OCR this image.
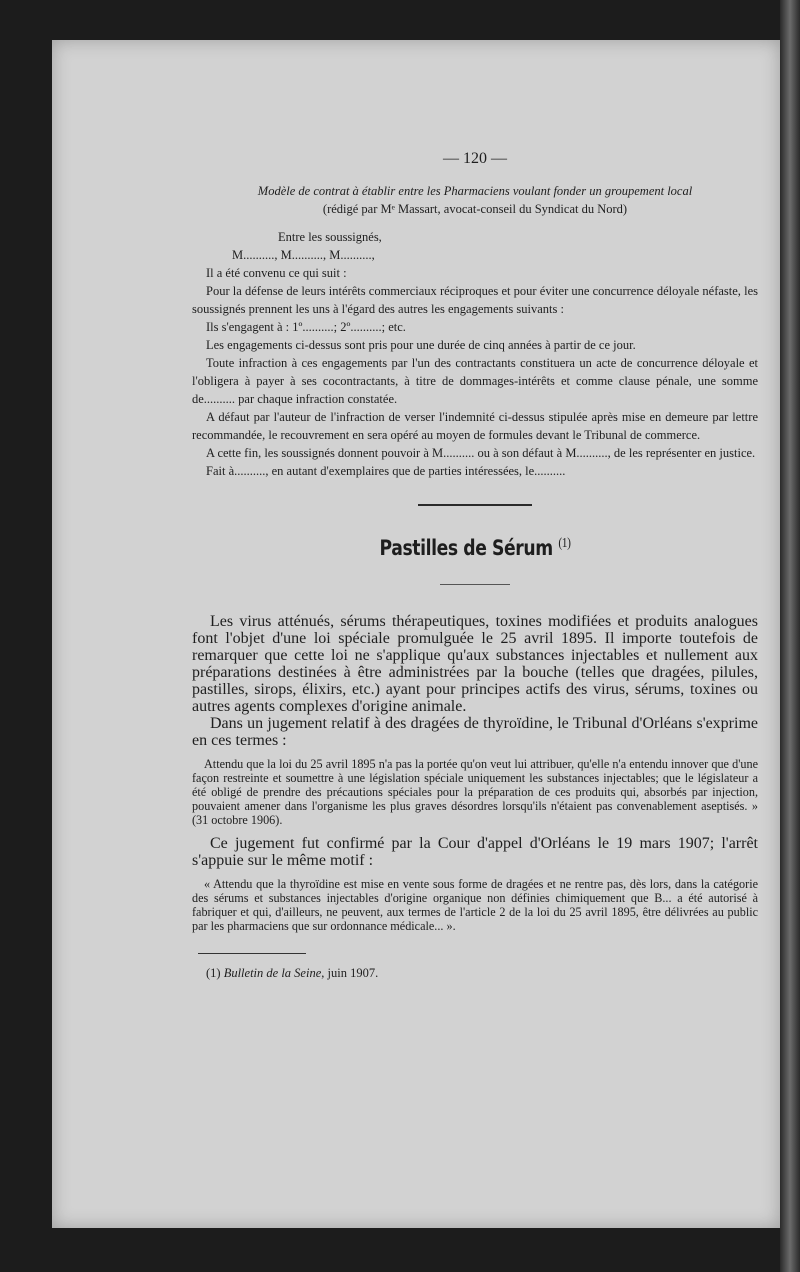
— 120 —

Modèle de contrat à établir entre les Pharmaciens voulant fonder un groupement local

(rédigé par Mᵉ Massart, avocat-conseil du Syndicat du Nord)

Entre les soussignés,

M.........., M.........., M..........,

Il a été convenu ce qui suit :

Pour la défense de leurs intérêts commerciaux réciproques et pour éviter une concurrence déloyale néfaste, les soussignés prennent les uns à l'égard des autres les engagements suivants :

Ils s'engagent à : 1º..........; 2º..........; etc.

Les engagements ci-dessus sont pris pour une durée de cinq années à partir de ce jour.

Toute infraction à ces engagements par l'un des contractants constituera un acte de concurrence déloyale et l'obligera à payer à ses cocontractants, à titre de dommages-intérêts et comme clause pénale, une somme de.......... par chaque infraction constatée.

A défaut par l'auteur de l'infraction de verser l'indemnité ci-dessus stipulée après mise en demeure par lettre recommandée, le recouvrement en sera opéré au moyen de formules devant le Tribunal de commerce.

A cette fin, les soussignés donnent pouvoir à M.......... ou à son défaut à M.........., de les représenter en justice.

Fait à.........., en autant d'exemplaires que de parties intéressées, le..........

Pastilles de Sérum $^{(1)}$

Les virus atténués, sérums thérapeutiques, toxines modifiées et produits analogues font l'objet d'une loi spéciale promulguée le 25 avril 1895. Il importe toutefois de remarquer que cette loi ne s'applique qu'aux substances injectables et nullement aux préparations destinées à être administrées par la bouche (telles que dragées, pilules, pastilles, sirops, élixirs, etc.) ayant pour principes actifs des virus, sérums, toxines ou autres agents complexes d'origine animale.

Dans un jugement relatif à des dragées de thyroïdine, le Tribunal d'Orléans s'exprime en ces termes :

Attendu que la loi du 25 avril 1895 n'a pas la portée qu'on veut lui attribuer, qu'elle n'a entendu innover que d'une façon restreinte et soumettre à une législation spéciale uniquement les substances injectables; que le législateur a été obligé de prendre des précautions spéciales pour la préparation de ces produits qui, absorbés par injection, pouvaient amener dans l'organisme les plus graves désordres lorsqu'ils n'étaient pas convenablement aseptisés. » (31 octobre 1906).

Ce jugement fut confirmé par la Cour d'appel d'Orléans le 19 mars 1907; l'arrêt s'appuie sur le même motif :

« Attendu que la thyroïdine est mise en vente sous forme de dragées et ne rentre pas, dès lors, dans la catégorie des sérums et substances injectables d'origine organique non définies chimiquement que B... a été autorisé à fabriquer et qui, d'ailleurs, ne peuvent, aux termes de l'article 2 de la loi du 25 avril 1895, être délivrées au public par les pharmaciens que sur ordonnance médicale... ».

(1) Bulletin de la Seine, juin 1907.
